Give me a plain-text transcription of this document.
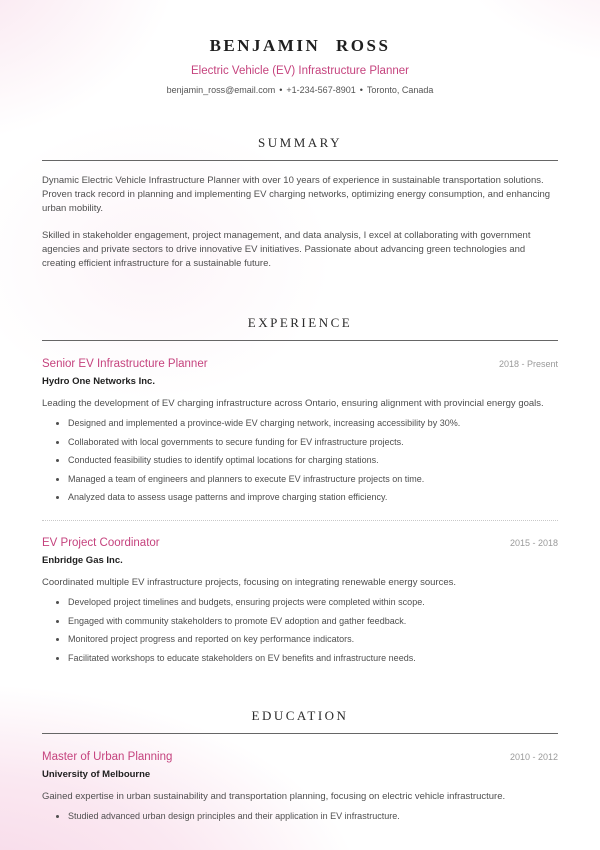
BENJAMIN ROSS
Electric Vehicle (EV) Infrastructure Planner
benjamin_ross@email.com • +1-234-567-8901 • Toronto, Canada
SUMMARY

Dynamic Electric Vehicle Infrastructure Planner with over 10 years of experience in sustainable transportation solutions. Proven track record in planning and implementing EV charging networks, optimizing energy consumption, and enhancing urban mobility.

Skilled in stakeholder engagement, project management, and data analysis, I excel at collaborating with government agencies and private sectors to drive innovative EV initiatives. Passionate about advancing green technologies and creating efficient infrastructure for a sustainable future.

EXPERIENCE
Senior EV Infrastructure Planner	2018 - Present
Hydro One Networks Inc.

Leading the development of EV charging infrastructure across Ontario, ensuring alignment with provincial energy goals.

• Designed and implemented a province-wide EV charging network, increasing accessibility by 30%.
• Collaborated with local governments to secure funding for EV infrastructure projects.
• Conducted feasibility studies to identify optimal locations for charging stations.
• Managed a team of engineers and planners to execute EV infrastructure projects on time.
• Analyzed data to assess usage patterns and improve charging station efficiency.
EV Project Coordinator	2015 - 2018
Enbridge Gas Inc.

Coordinated multiple EV infrastructure projects, focusing on integrating renewable energy sources.

• Developed project timelines and budgets, ensuring projects were completed within scope.
• Engaged with community stakeholders to promote EV adoption and gather feedback.
• Monitored project progress and reported on key performance indicators.
• Facilitated workshops to educate stakeholders on EV benefits and infrastructure needs.
EDUCATION
Master of Urban Planning	2010 - 2012
University of Melbourne

Gained expertise in urban sustainability and transportation planning, focusing on electric vehicle infrastructure.

• Studied advanced urban design principles and their application in EV infrastructure.
